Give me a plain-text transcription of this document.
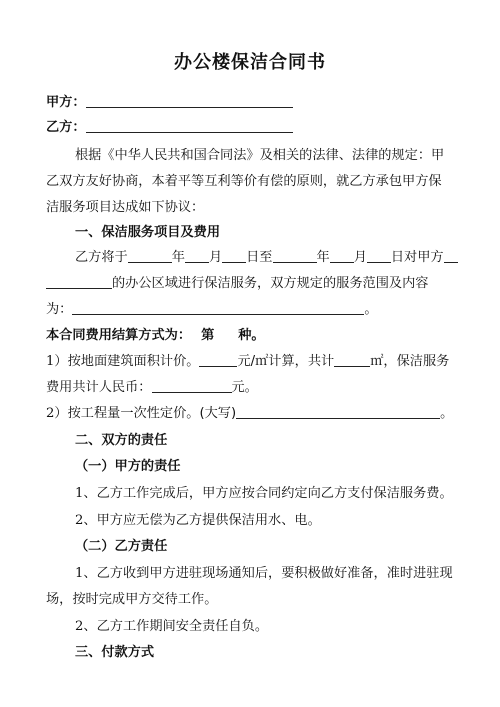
办公楼保洁合同书
甲方：
乙方：
根据《中华人民共和国合同法》及相关的法律、法律的规定：甲
乙双方友好协商，本着平等互利等价有偿的原则，就乙方承包甲方保
洁服务项目达成如下协议：
一、保洁服务项目及费用
乙方将于	年 月 日至	年 月 日对甲方
的办公区域进行保洁服务，双方规定的服务范围及内容
为：	。
本合同费用结算方式为： 第 种。
1）按地面建筑面积计价。	元/㎡计算，共计	㎡，保洁服务
费用共计人民币：	元。
2）按工程量一次性定价。(大写)	。
二、双方的责任
（一）甲方的责任
1、乙方工作完成后，甲方应按合同约定向乙方支付保洁服务费。
2、甲方应无偿为乙方提供保洁用水、电。
（二）乙方责任
1、乙方收到甲方进驻现场通知后，要积极做好准备，准时进驻现
场，按时完成甲方交待工作。
2、乙方工作期间安全责任自负。
三、付款方式
